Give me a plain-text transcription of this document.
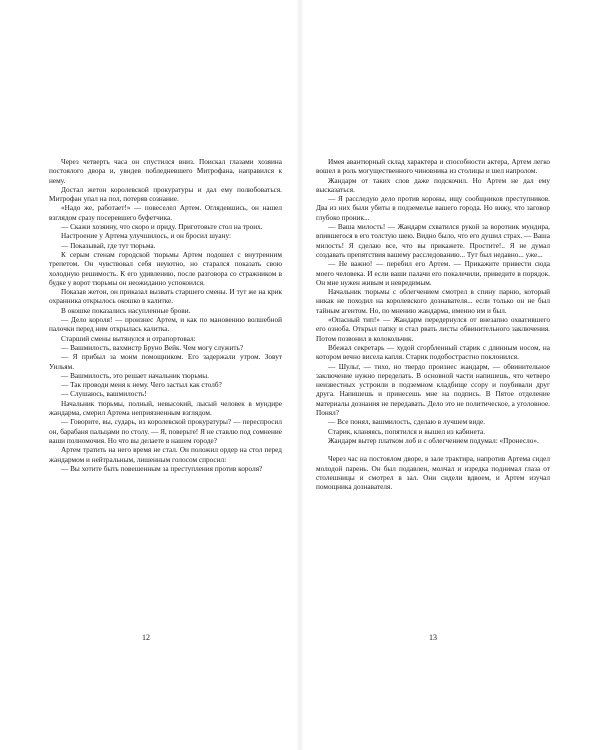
Через четверть часа он спустился вниз. Поискал глазами хозяина постоялого двора и, увидев побледневшего Митрофана, направился к нему.

Достал жетон королевской прокуратуры и дал ему полюбоваться. Митрофан упал на пол, потеряв сознание.

«Надо же, работает!» — повеселел Артем. Оглядевшись, он нашел взглядом сразу посеревшего буфетчика.

— Скажи хозяину, что скоро и приду. Приготовьте стол на троих.

Настроение у Артема улучшилось, и он бросил шуану:

— Показывай, где тут тюрьма.

К серым стенам городской тюрьмы Артем подошел с внутренним трепетом. Он чувствовал себя неуютно, но старался показать свою холодную решимость. К его удивлению, после разговора со стражником в будке у ворот тюрьмы он неожиданно успокоился.

Показав жетон, он приказал вызвать старшего смены. И тут же на крик охранника открылось окошко в калитке.

В окошке показались насупленные брови.

— Дело короля! — произнес Артем, и как по мановению волшебной палочки перед ним открылась калитка.

Старший смены вытянулся и отрапортовал:

— Вашмилость, вахмистр Бруно Вейк. Чем могу служить?

— Я прибыл за моим помощником. Его задержали утром. Зовут Уильям.

— Вашмилость, это решает начальник тюрьмы.

— Так проводи меня к нему. Чего застыл как столб?

— Слушаюсь, вашмилость!

Начальник тюрьмы, полный, невысокий, лысый человек в мундире жандарма, смерил Артема неприязненным взглядом.

— Говорите, вы, сударь, из королевской прокуратуры? — переспросил он, барабаня пальцами по столу. — Я, поверьте! Я не ставлю под сомнение ваши полномочия. Но что вы делаете в нашем городе?

Артем тратить на него время не стал. Он положил ордер на стол перед жандармом и нейтральным, лишенным голосом спросил:

— Вы хотите быть повешенным за преступления против короля?

12	13

Имея авантюрный склад характера и способности актера, Артем легко вошел в роль могущественного чиновника из столицы и шел напролом.

Жандарм от таких слов даже подскочил. Но Артем не дал ему высказаться.

— Я расследую дело против короны, ищу сообщников преступников. Два из них были убиты в подземелье вашего города. Но вижу, что заговор глубоко проник...

— Ваша милость! — Жандарм схватился рукой за воротник мундира, впившегося в его толстую шею. Видно было, что его душил страх. — Ваша милость! Я сделаю все, что вы прикажете. Простите!.. Я не думал создавать препятствия вашему расследованию... Тут был недавно... уже...

— Не важно! — перебил его Артем. — Прикажите привести сюда моего человека. И если ваши палачи его покалечили, приведите в порядок. Он мне нужен живым и невредимым.

Начальник тюрьмы с облегчением смотрел в спину парню, который никак не походил на королевского дознавателя... если только он не был тайным агентом. Но, по мнению жандарма, именно им и был.

«Опасный тип!» — Жандарм передернулся от внезапно охватившего его озноба. Открыл папку и стал рвать листы обвинительного заключения. Потом позвонил в колокольчик.

Вбежал секретарь — худой сгорбленный старик с длинным носом, на котором вечно висела капля. Старик подобострастно поклонился.

— Шульг, — тихо, но твердо произнес жандарм, — обвинительное заключение нужно переделать. В основной части напишешь, что четверо неизвестных устроили в подземном кладбище ссору и поубивали друг друга. Напишешь и принесешь мне на подпись. В Пятое отделение материалы дознания не передавать. Дело это не политическое, а уголовное. Понял?

— Все понял, вашмилость, сделаю в лучшем виде.

Старик, кланяясь, попятился и вышел из кабинета.

Жандарм вытер платком лоб и с облегчением подумал: «Пронесло».

Через час на постоялом дворе, в зале трактира, напротив Артема сидел молодой парень. Он был подавлен, молчал и изредка поднимал глаза от столешницы и смотрел в зал. Они сидели вдвоем, и Артем изучал помощника дознавателя.
